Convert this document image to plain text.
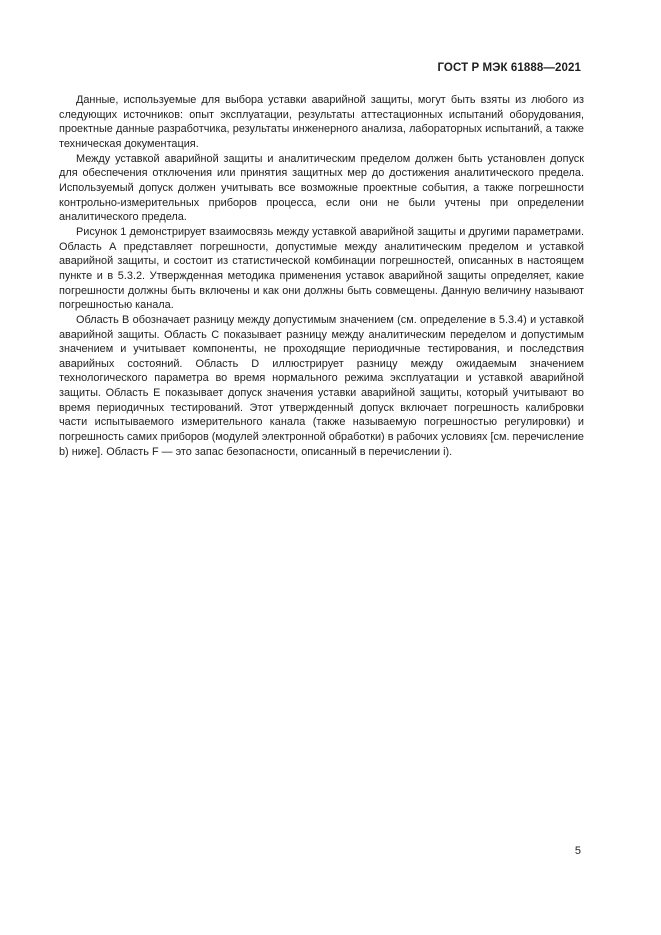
ГОСТ Р МЭК 61888—2021

Данные, используемые для выбора уставки аварийной защиты, могут быть взяты из любого из следующих источников: опыт эксплуатации, результаты аттестационных испытаний оборудования, проектные данные разработчика, результаты инженерного анализа, лабораторных испытаний, а также техническая документация.

Между уставкой аварийной защиты и аналитическим пределом должен быть установлен допуск для обеспечения отключения или принятия защитных мер до достижения аналитического предела. Используемый допуск должен учитывать все возможные проектные события, а также погрешности контрольно-измерительных приборов процесса, если они не были учтены при определении аналитического предела.

Рисунок 1 демонстрирует взаимосвязь между уставкой аварийной защиты и другими параметрами. Область А представляет погрешности, допустимые между аналитическим пределом и уставкой аварийной защиты, и состоит из статистической комбинации погрешностей, описанных в настоящем пункте и в 5.3.2. Утвержденная методика применения уставок аварийной защиты определяет, какие погрешности должны быть включены и как они должны быть совмещены. Данную величину называют погрешностью канала.

Область В обозначает разницу между допустимым значением (см. определение в 5.3.4) и уставкой аварийной защиты. Область С показывает разницу между аналитическим переделом и допустимым значением и учитывает компоненты, не проходящие периодичные тестирования, и последствия аварийных состояний. Область D иллюстрирует разницу между ожидаемым значением технологического параметра во время нормального режима эксплуатации и уставкой аварийной защиты. Область Е показывает допуск значения уставки аварийной защиты, который учитывают во время периодичных тестирований. Этот утвержденный допуск включает погрешность калибровки части испытываемого измерительного канала (также называемую погрешностью регулировки) и погрешность самих приборов (модулей электронной обработки) в рабочих условиях [см. перечисление b) ниже]. Область F — это запас безопасности, описанный в перечислении i).

5
